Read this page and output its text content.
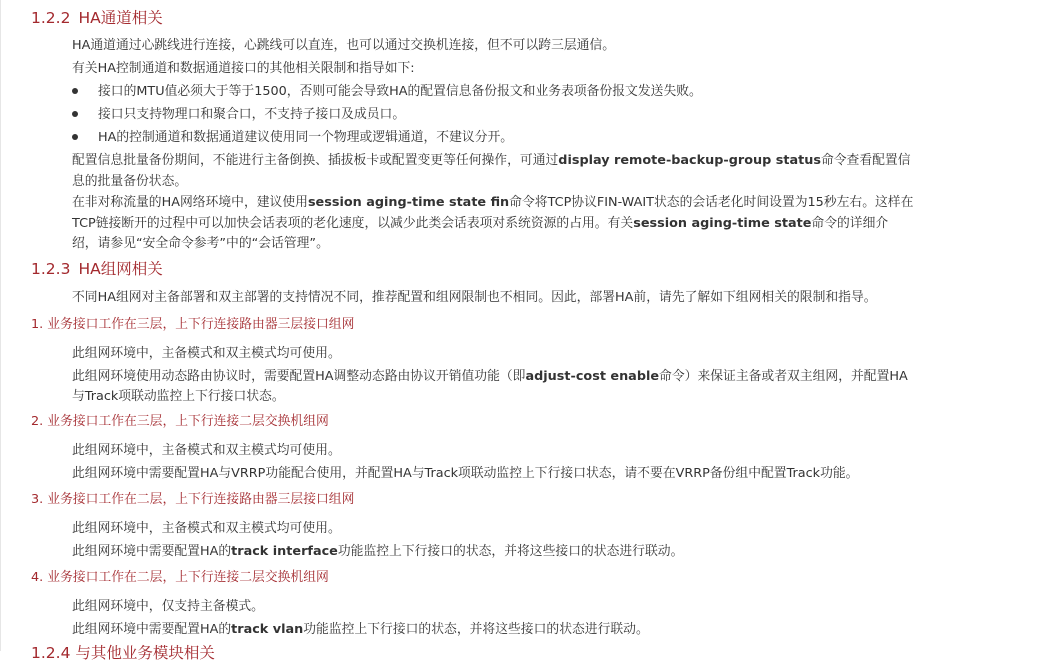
1.2.2 HA通道相关
HA通道通过心跳线进行连接，心跳线可以直连，也可以通过交换机连接，但不可以跨三层通信。
有关HA控制通道和数据通道接口的其他相关限制和指导如下:
接口的MTU值必须大于等于1500，否则可能会导致HA的配置信息备份报文和业务表项备份报文发送失败。
接口只支持物理口和聚合口，不支持子接口及成员口。
HA的控制通道和数据通道建议使用同一个物理或逻辑通道，不建议分开。
配置信息批量备份期间，不能进行主备倒换、插拔板卡或配置变更等任何操作，可通过display remote-backup-group status命令查看配置信
息的批量备份状态。
在非对称流量的HA网络环境中，建议使用session aging-time state fin命令将TCP协议FIN-WAIT状态的会话老化时间设置为15秒左右。这样在
TCP链接断开的过程中可以加快会话表项的老化速度，以减少此类会话表项对系统资源的占用。有关session aging-time state命令的详细介
绍，请参见“安全命令参考”中的“会话管理”。
1.2.3 HA组网相关
不同HA组网对主备部署和双主部署的支持情况不同，推荐配置和组网限制也不相同。因此，部署HA前，请先了解如下组网相关的限制和指导。
1. 业务接口工作在三层，上下行连接路由器三层接口组网
此组网环境中，主备模式和双主模式均可使用。
此组网环境使用动态路由协议时，需要配置HA调整动态路由协议开销值功能（即adjust-cost enable命令）来保证主备或者双主组网，并配置HA
与Track项联动监控上下行接口状态。
2. 业务接口工作在三层，上下行连接二层交换机组网
此组网环境中，主备模式和双主模式均可使用。
此组网环境中需要配置HA与VRRP功能配合使用，并配置HA与Track项联动监控上下行接口状态，请不要在VRRP备份组中配置Track功能。
3. 业务接口工作在二层，上下行连接路由器三层接口组网
此组网环境中，主备模式和双主模式均可使用。
此组网环境中需要配置HA的track interface功能监控上下行接口的状态，并将这些接口的状态进行联动。
4. 业务接口工作在二层，上下行连接二层交换机组网
此组网环境中，仅支持主备模式。
此组网环境中需要配置HA的track vlan功能监控上下行接口的状态，并将这些接口的状态进行联动。
1.2.4 与其他业务模块相关
